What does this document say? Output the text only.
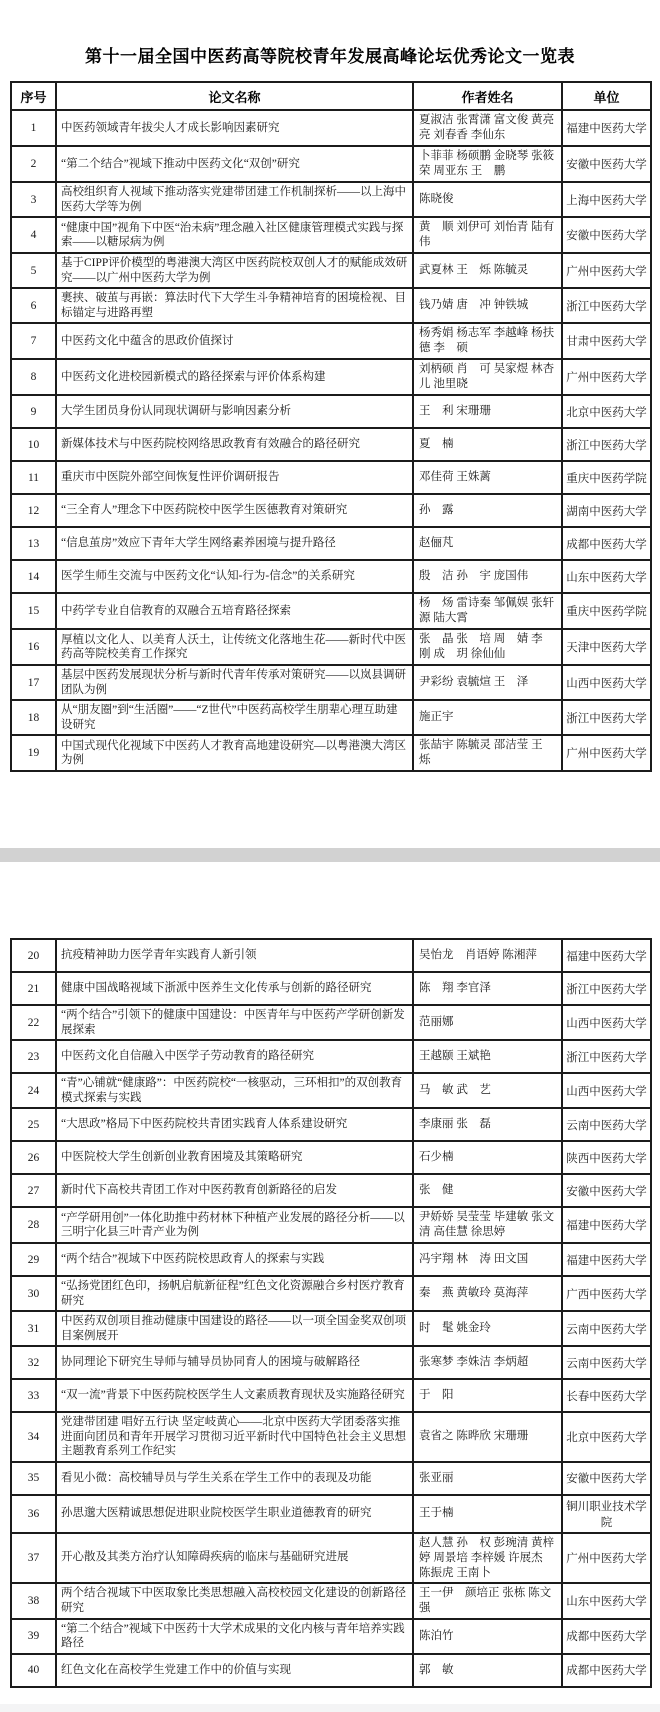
第十一届全国中医药高等院校青年发展高峰论坛优秀论文一览表
序号	论文名称	作者姓名	单位
1	中医药领域青年拔尖人才成长影响因素研究	夏淑洁 张霄潇 富文俊 黄亮亮 刘春香 李仙东	福建中医药大学
2	“第二个结合”视域下推动中医药文化“双创”研究	卜菲菲 杨硕鹏 金晓琴 张筱荣 周亚东 王　鹏	安徽中医药大学
3	高校组织育人视域下推动落实党建带团建工作机制探析——以上海中医药大学等为例	陈晓俊	上海中医药大学
4	“健康中国”视角下中医“治未病”理念融入社区健康管理模式实践与探索——以糖尿病为例	黄　顺 刘伊可 刘怡青 陆有伟	安徽中医药大学
5	基于CIPP评价模型的粤港澳大湾区中医药院校双创人才的赋能成效研究——以广州中医药大学为例	武夏林 王　烁 陈毓灵	广州中医药大学
6	裹挟、破茧与再嵌：算法时代下大学生斗争精神培育的困境检视、目标锚定与进路再塑	钱乃婧 唐　冲 钟铁城	浙江中医药大学
7	中医药文化中蕴含的思政价值探讨	杨秀娟 杨志军 李越峰 杨扶德 李　硕	甘肃中医药大学
8	中医药文化进校园新模式的路径探索与评价体系构建	刘柄硕 肖　可 吴家煜 林杏儿 池里晓	广州中医药大学
9	大学生团员身份认同现状调研与影响因素分析	王　利 宋珊珊	北京中医药大学
10	新媒体技术与中医药院校网络思政教育有效融合的路径研究	夏　楠	浙江中医药大学
11	重庆市中医院外部空间恢复性评价调研报告	邓佳荷 王姝蓠	重庆中医药学院
12	“三全育人”理念下中医药院校中医学生医德教育对策研究	孙　露	湖南中医药大学
13	“信息茧房”效应下青年大学生网络素养困境与提升路径	赵俪芃	成都中医药大学
14	医学生师生交流与中医药文化“认知-行为-信念”的关系研究	殷　洁 孙　宇 庞国伟	山东中医药大学
15	中药学专业自信教育的双融合五培育路径探索	杨　炀 雷诗秦 邹佩娱 张轩源 陆大霄	重庆中医药学院
16	厚植以文化人、以美育人沃土，让传统文化落地生花——新时代中医药高等院校美育工作探究	张　晶 张　培 周　婧 李　刚 成　玥 徐仙仙	天津中医药大学
17	基层中医药发展现状分析与新时代青年传承对策研究——以岚县调研团队为例	尹彩纷 袁毓煊 王　泽	山西中医药大学
18	从“朋友圈”到“生活圈”——“Z世代”中医药高校学生朋辈心理互助建设研究	施正宇	浙江中医药大学
19	中国式现代化视域下中医药人才教育高地建设研究—以粤港澳大湾区为例	张喆宇 陈毓灵 邵洁莹 王　烁	广州中医药大学
20	抗疫精神助力医学青年实践育人新引领	吴怡龙　肖语婷 陈湘萍	福建中医药大学
21	健康中国战略视域下浙派中医养生文化传承与创新的路径研究	陈　翔 李官泽	浙江中医药大学
22	“两个结合”引领下的健康中国建设：中医青年与中医药产学研创新发展探索	范丽娜	山西中医药大学
23	中医药文化自信融入中医学子劳动教育的路径研究	王越颐 王斌艳	浙江中医药大学
24	“青”心铺就“健康路”：中医药院校“一核驱动，三环相扣”的双创教育模式探索与实践	马　敏 武　艺	山西中医药大学
25	“大思政”格局下中医药院校共青团实践育人体系建设研究	李康丽 张　磊	云南中医药大学
26	中医院校大学生创新创业教育困境及其策略研究	石少楠	陕西中医药大学
27	新时代下高校共青团工作对中医药教育创新路径的启发	张　健	安徽中医药大学
28	“产学研用创”一体化助推中药材林下种植产业发展的路径分析——以三明宁化县三叶青产业为例	尹娇娇 吴莹莹 毕建敏 张文清 高佳慧 徐思婷	福建中医药大学
29	“两个结合”视域下中医药院校思政育人的探索与实践	冯宇翔 林　涛 田文国	福建中医药大学
30	“弘扬党团红色印，扬帆启航新征程”红色文化资源融合乡村医疗教育研究	秦　燕 黄敏玲 莫海萍	广西中医药大学
31	中医药双创项目推动健康中国建设的路径——以一项全国金奖双创项目案例展开	时　髦 姚金玲	云南中医药大学
32	协同理论下研究生导师与辅导员协同育人的困境与破解路径	张寒梦 李姝洁 李炳超	云南中医药大学
33	“双一流”背景下中医药院校医学生人文素质教育现状及实施路径研究	于　阳	长春中医药大学
34	党建带团建 唱好五行诀 坚定岐黄心——北京中医药大学团委落实推进面向团员和青年开展学习贯彻习近平新时代中国特色社会主义思想主题教育系列工作纪实	袁省之 陈晔欣 宋珊珊	北京中医药大学
35	看见小微：高校辅导员与学生关系在学生工作中的表现及功能	张亚丽	安徽中医药大学
36	孙思邈大医精诚思想促进职业院校医学生职业道德教育的研究	王于楠	铜川职业技术学院
37	开心散及其类方治疗认知障碍疾病的临床与基础研究进展	赵人慧 孙　权 彭琬清 黄梓婷 周景培 李梓媛 许展杰 陈振虎 王南卜	广州中医药大学
38	两个结合视域下中医取象比类思想融入高校校园文化建设的创新路径研究	王一伊　颜培正 张栋 陈文强	山东中医药大学
39	“第二个结合”视域下中医药十大学术成果的文化内核与青年培养实践路径	陈泊竹	成都中医药大学
40	红色文化在高校学生党建工作中的价值与实现	郭　敏	成都中医药大学
